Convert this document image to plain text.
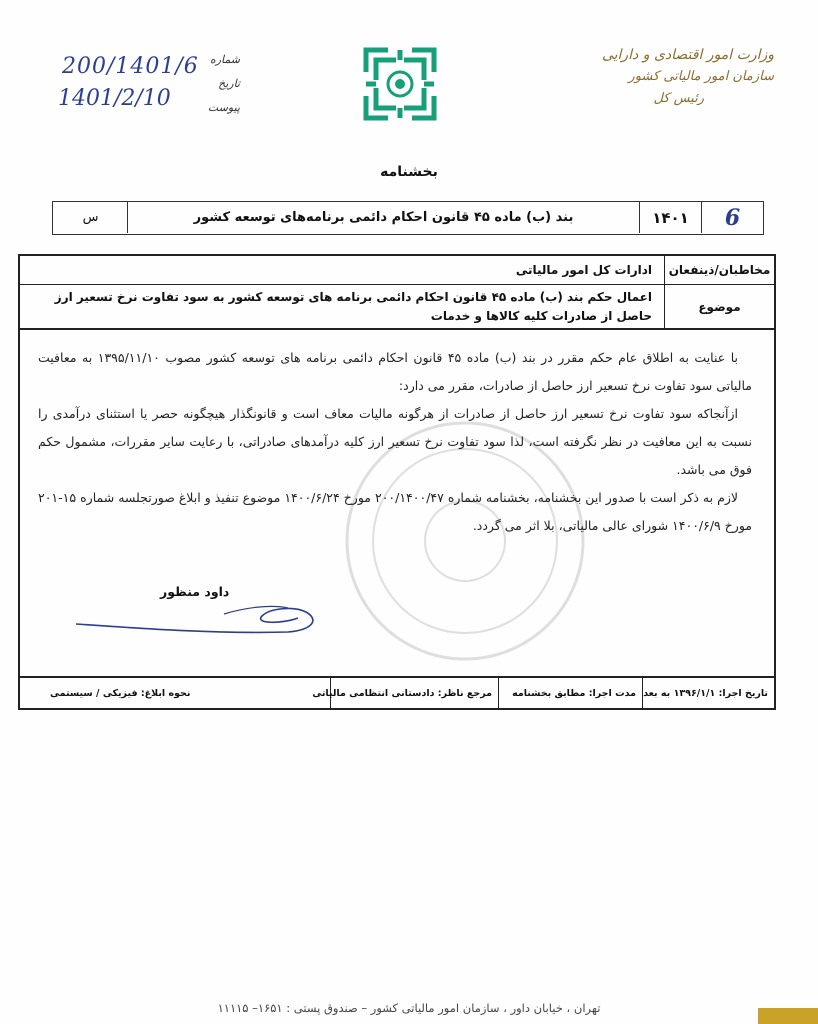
وزارت امور اقتصادی و دارایی
سازمان امور مالیاتی کشور
رئیس کل
شماره
تاریخ
پیوست
200/1401/6
1401/2/10
بخشنامه
6
۱۴۰۱
بند (ب) ماده ۴۵ قانون احکام دائمی برنامه‌های توسعه کشور
س
مخاطبان/ذینفعان
ادارات کل امور مالیاتی
موضوع
اعمال حکم بند (ب) ماده ۴۵ قانون احکام دائمی برنامه های توسعه کشور به سود تفاوت نرخ تسعیر ارز حاصل از صادرات کلیه کالاها و خدمات

با عنایت به اطلاق عام حکم مقرر در بند (ب) ماده ۴۵ قانون احکام دائمی برنامه های توسعه کشور مصوب ۱۳۹۵/۱۱/۱۰ به معافیت مالیاتی سود تفاوت نرخ تسعیر ارز حاصل از صادرات، مقرر می دارد:

ازآنجاکه سود تفاوت نرخ تسعیر ارز حاصل از صادرات از هرگونه مالیات معاف است و قانونگذار هیچگونه حصر یا استثنای درآمدی را نسبت به این معافیت در نظر نگرفته است، لذا سود تفاوت نرخ تسعیر ارز کلیه درآمدهای صادراتی، با رعایت سایر مقررات، مشمول حکم فوق می باشد.

لازم به ذکر است با صدور این بخشنامه، بخشنامه شماره ۲۰۰/۱۴۰۰/۴۷ مورخ ۱۴۰۰/۶/۲۴ موضوع تنفیذ و ابلاغ صورتجلسه شماره ۱۵-۲۰۱ مورخ ۱۴۰۰/۶/۹ شورای عالی مالیاتی، بلا اثر می گردد.

داود منظور
تاریخ اجرا: ۱۳۹۶/۱/۱ به بعد
مدت اجرا: مطابق بخشنامه
مرجع ناظر: دادستانی انتظامی مالیاتی
نحوه ابلاغ: فیزیکی / سیستمی
تهران ، خیابان داور ، سازمان امور مالیاتی کشور – صندوق پستی : ۱۶۵۱– ۱۱۱۱۵
